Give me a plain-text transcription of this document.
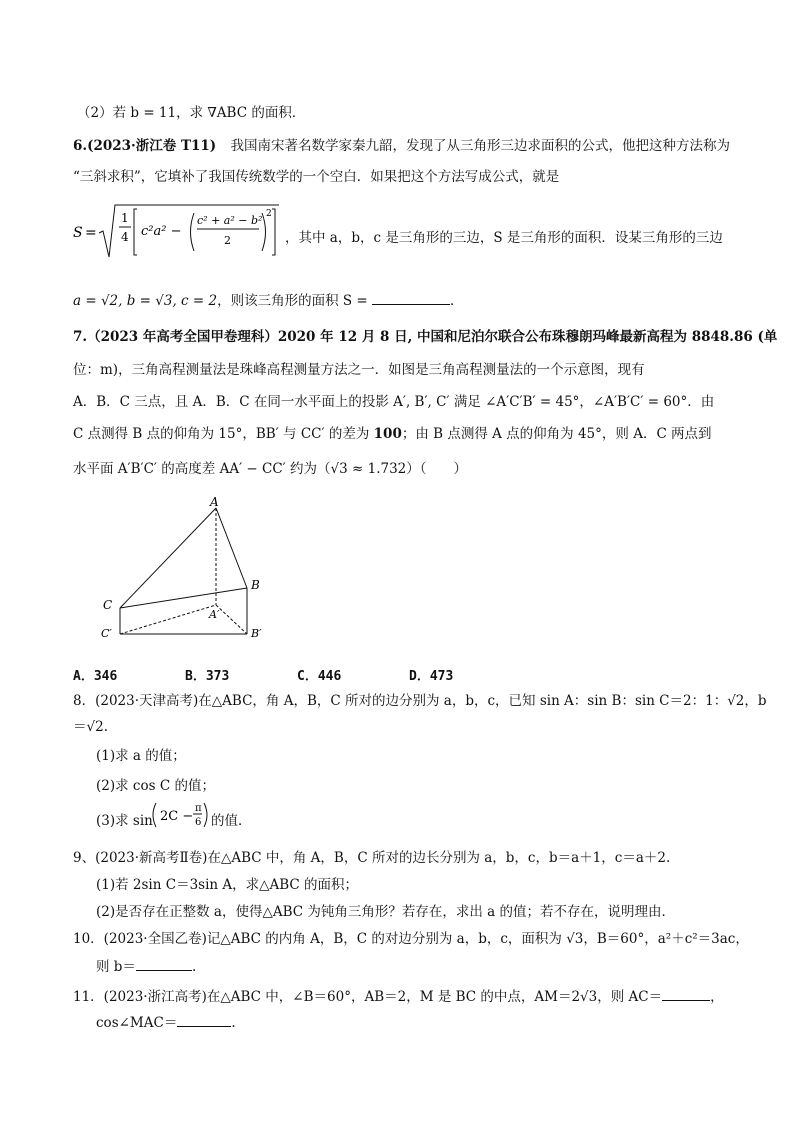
（2）若 b = 11，求 ∇ABC 的面积．
6.(2023·浙江卷 T11) 我国南宋著名数学家秦九韶，发现了从三角形三边求面积的公式，他把这种方法称为
“三斜求积”，它填补了我国传统数学的一个空白．如果把这个方法写成公式，就是
S =
1
4 c²a² −
c² + a² − b²
2
2
，其中 a，b，c 是三角形的三边，S 是三角形的面积．设某三角形的三边
a = √2, b = √3, c = 2，则该三角形的面积 S =	．
7.（2023 年高考全国甲卷理科）2020 年 12 月 8 日, 中国和尼泊尔联合公布珠穆朗玛峰最新高程为 8848.86 (单
位：m)，三角高程测量法是珠峰高程测量方法之一．如图是三角高程测量法的一个示意图，现有
A．B．C 三点，且 A．B．C 在同一水平面上的投影 A′, B′, C′ 满足 ∠A′C′B′ = 45°，∠A′B′C′ = 60°．由
C 点测得 B 点的仰角为 15°，BB′ 与 CC′ 的差为 100；由 B 点测得 A 点的仰角为 45°，则 A．C 两点到
水平面 A′B′C′ 的高度差 AA′ − CC′ 约为（√3 ≈ 1.732）（　　）
A
B
C
A′
B′
C′
A．346	B．373	C．446	D．473
8．(2023·天津高考)在△ABC，角 A，B，C 所对的边分别为 a，b，c，已知 sin A：sin B：sin C＝2：1：√2，b
＝√2.
(1)求 a 的值；
(2)求 cos C 的值；
(3)求 sin 2C −
π
6 的值．
9、(2023·新高考Ⅱ卷)在△ABC 中，角 A，B，C 所对的边长分别为 a，b，c，b＝a＋1，c＝a＋2.
(1)若 2sin C＝3sin A，求△ABC 的面积；
(2)是否存在正整数 a，使得△ABC 为钝角三角形？若存在，求出 a 的值；若不存在，说明理由．
10．(2023·全国乙卷)记△ABC 的内角 A，B，C 的对边分别为 a，b，c，面积为 √3，B＝60°，a²＋c²＝3ac，
则 b＝	.
11．(2023·浙江高考)在△ABC 中，∠B＝60°，AB＝2，M 是 BC 的中点，AM＝2√3，则 AC＝	，
cos∠MAC＝	.
